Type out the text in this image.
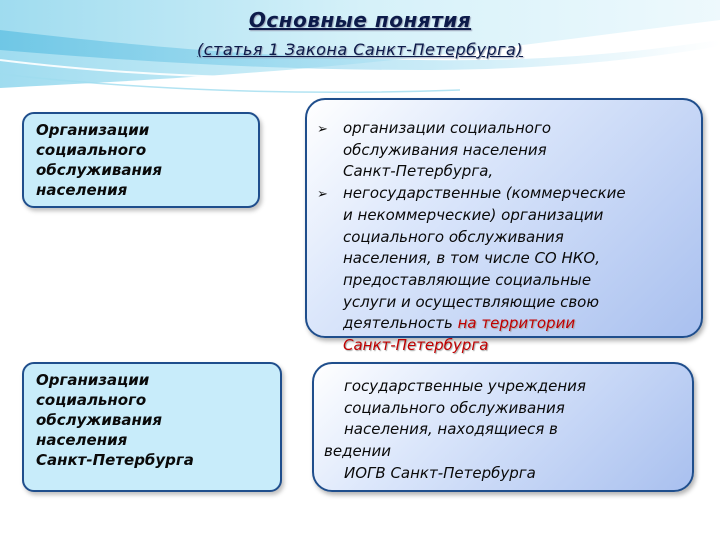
Основные понятия
(статья 1 Закона Санкт-Петербурга)
Организации
социального
обслуживания
населения
➢ организации социального
обслуживания населения
Санкт-Петербурга,
➢ негосударственные (коммерческие
и некоммерческие) организации
социального обслуживания
населения, в том числе СО НКО,
предоставляющие социальные
услуги и осуществляющие свою
деятельность на территории
Санкт-Петербурга
Организации
социального
обслуживания
населения
Санкт-Петербурга
государственные учреждения
социального обслуживания
населения, находящиеся в
ведении
ИОГВ Санкт-Петербурга
